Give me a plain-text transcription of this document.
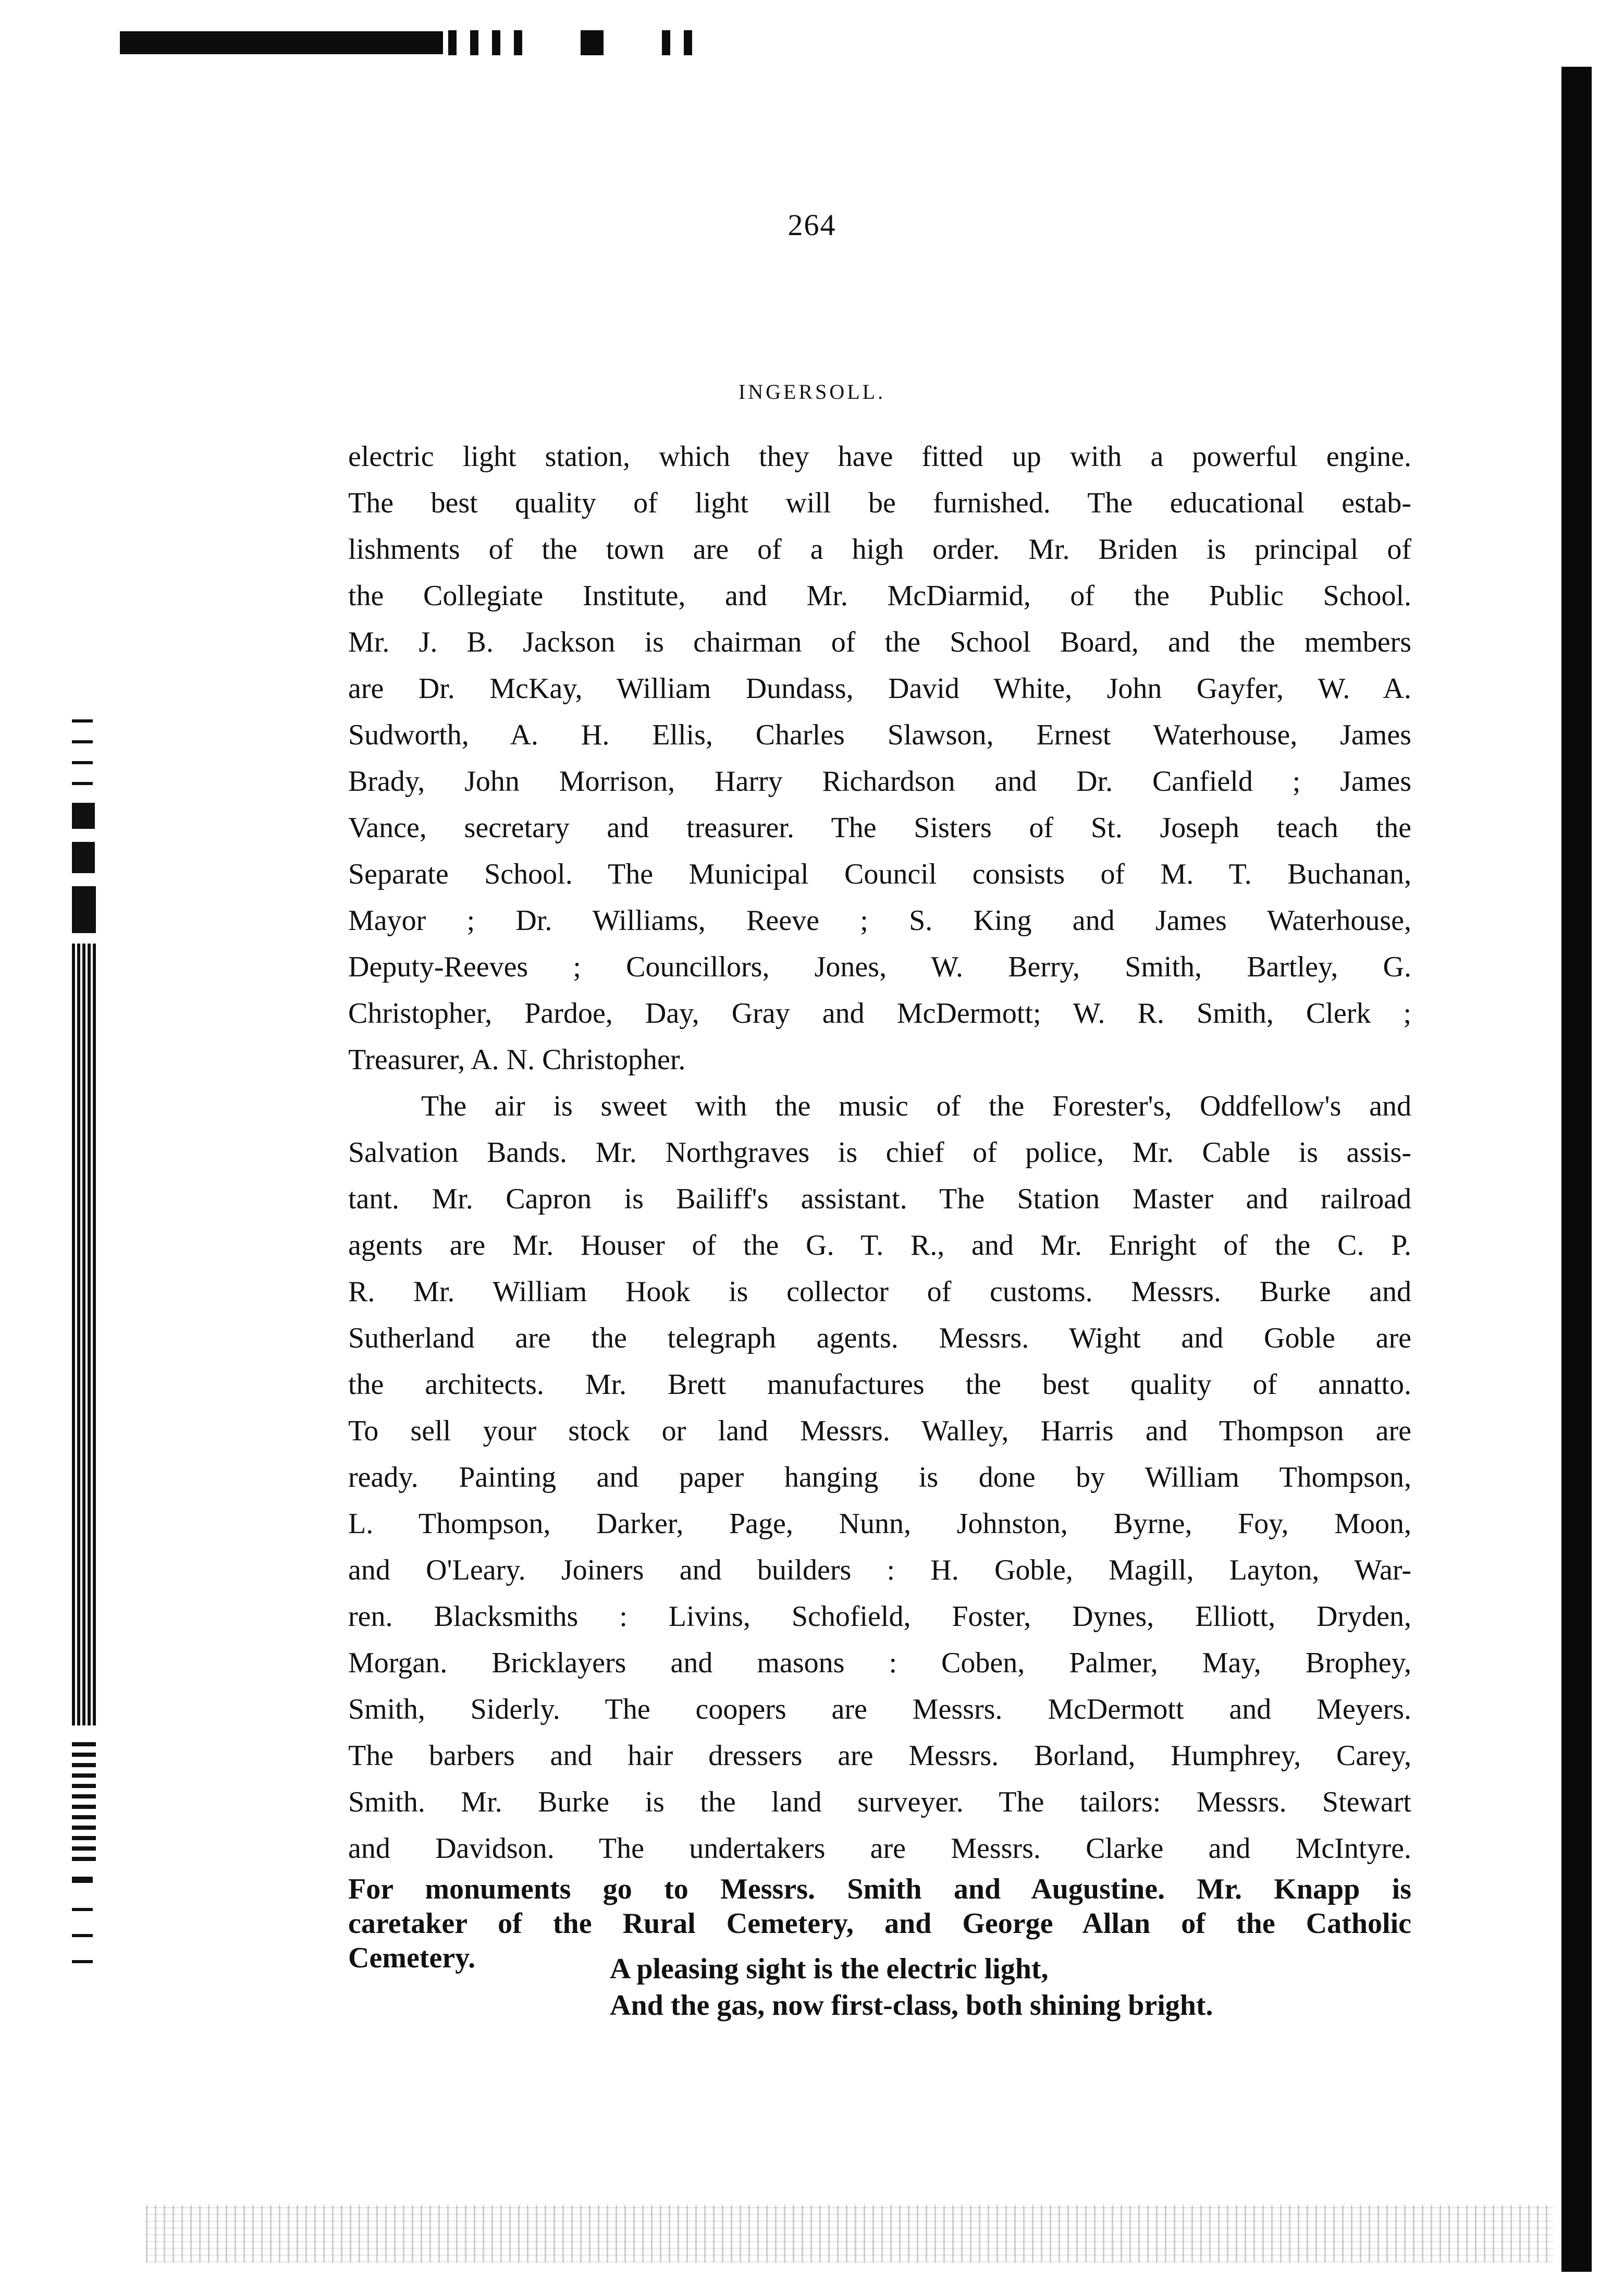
264
INGERSOLL.
electric light station, which they have fitted up with a powerful engine.
The best quality of light will be furnished. The educational estab-
lishments of the town are of a high order. Mr. Briden is principal of
the Collegiate Institute, and Mr. McDiarmid, of the Public School.
Mr. J. B. Jackson is chairman of the School Board, and the members
are Dr. McKay, William Dundass, David White, John Gayfer, W. A.
Sudworth, A. H. Ellis, Charles Slawson, Ernest Waterhouse, James
Brady, John Morrison, Harry Richardson and Dr. Canfield ; James
Vance, secretary and treasurer. The Sisters of St. Joseph teach the
Separate School. The Municipal Council consists of M. T. Buchanan,
Mayor ; Dr. Williams, Reeve ; S. King and James Waterhouse,
Deputy-Reeves ; Councillors, Jones, W. Berry, Smith, Bartley, G.
Christopher, Pardoe, Day, Gray and McDermott; W. R. Smith, Clerk ;
Treasurer, A. N. Christopher.
The air is sweet with the music of the Forester's, Oddfellow's and
Salvation Bands. Mr. Northgraves is chief of police, Mr. Cable is assis-
tant. Mr. Capron is Bailiff's assistant. The Station Master and railroad
agents are Mr. Houser of the G. T. R., and Mr. Enright of the C. P.
R. Mr. William Hook is collector of customs. Messrs. Burke and
Sutherland are the telegraph agents. Messrs. Wight and Goble are
the architects. Mr. Brett manufactures the best quality of annatto.
To sell your stock or land Messrs. Walley, Harris and Thompson are
ready. Painting and paper hanging is done by William Thompson,
L. Thompson, Darker, Page, Nunn, Johnston, Byrne, Foy, Moon,
and O'Leary. Joiners and builders : H. Goble, Magill, Layton, War-
ren. Blacksmiths : Livins, Schofield, Foster, Dynes, Elliott, Dryden,
Morgan. Bricklayers and masons : Coben, Palmer, May, Brophey,
Smith, Siderly. The coopers are Messrs. McDermott and Meyers.
The barbers and hair dressers are Messrs. Borland, Humphrey, Carey,
Smith. Mr. Burke is the land surveyer. The tailors: Messrs. Stewart
and Davidson. The undertakers are Messrs. Clarke and McIntyre.
For monuments go to Messrs. Smith and Augustine. Mr. Knapp is
caretaker of the Rural Cemetery, and George Allan of the Catholic
Cemetery.	A pleasing sight is the electric light,
And the gas, now first-class, both shining bright.
